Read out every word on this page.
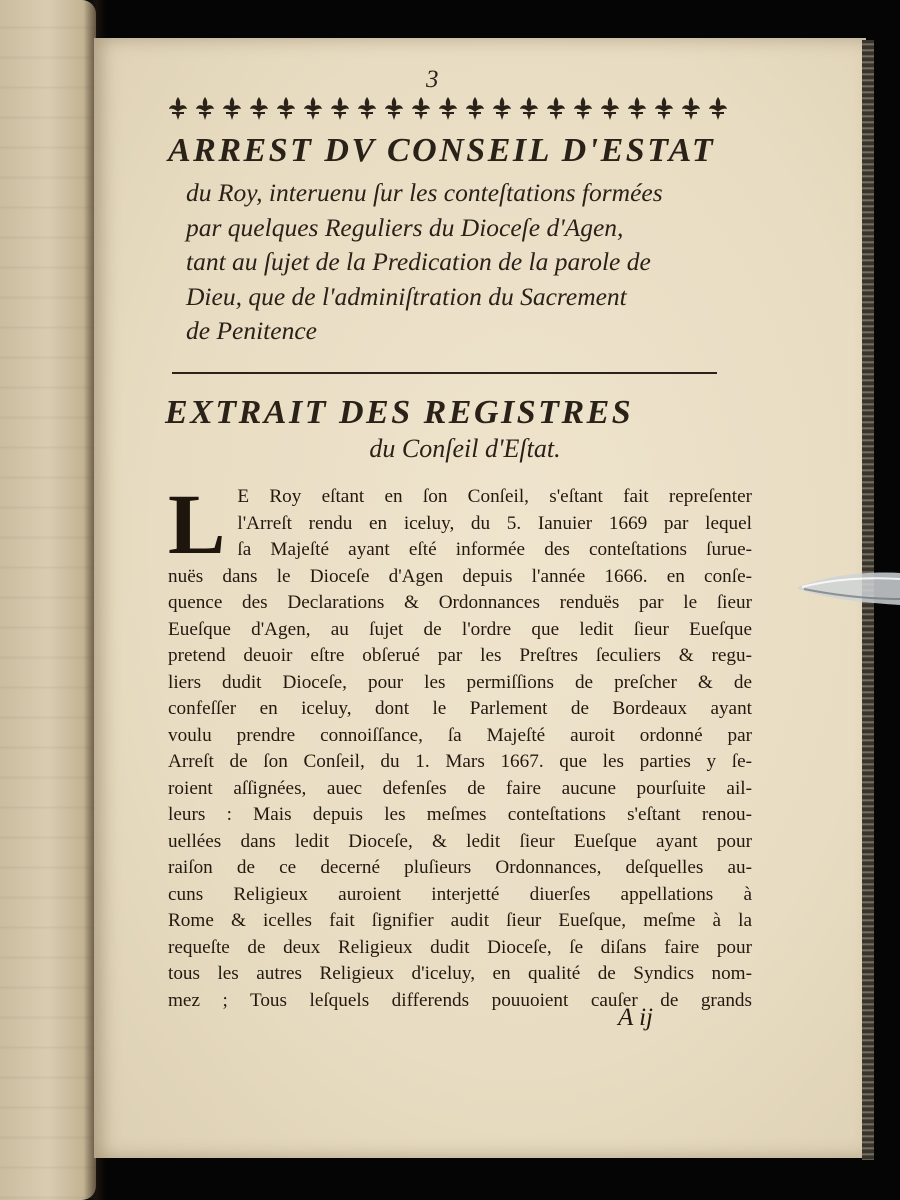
3
ARREST DV CONSEIL D'ESTAT
du Roy, interuenu ſur les conteſtations formées
par quelques Reguliers du Dioceſe d'Agen,
tant au ſujet de la Predication de la parole de
Dieu, que de l'adminiſtration du Sacrement
de Penitence
EXTRAIT DES REGISTRES
du Conſeil d'Eſtat.
L E Roy eſtant en ſon Conſeil, s'eſtant fait repreſenter
l'Arreſt rendu en iceluy, du 5. Ianuier 1669 par lequel
ſa Majeſté ayant eſté informée des conteſtations ſurue-
nuës dans le Dioceſe d'Agen depuis l'année 1666. en conſe-
quence des Declarations & Ordonnances renduës par le ſieur
Eueſque d'Agen, au ſujet de l'ordre que ledit ſieur Eueſque
pretend deuoir eſtre obſerué par les Preſtres ſeculiers & regu-
liers dudit Dioceſe, pour les permiſſions de preſcher & de
confeſſer en iceluy, dont le Parlement de Bordeaux ayant
voulu prendre connoiſſance, ſa Majeſté auroit ordonné par
Arreſt de ſon Conſeil, du 1. Mars 1667. que les parties y ſe-
roient aſſignées, auec defenſes de faire aucune pourſuite ail-
leurs : Mais depuis les meſmes conteſtations s'eſtant renou-
uellées dans ledit Dioceſe, & ledit ſieur Eueſque ayant pour
raiſon de ce decerné pluſieurs Ordonnances, deſquelles au-
cuns Religieux auroient interjetté diuerſes appellations à
Rome & icelles fait ſignifier audit ſieur Eueſque, meſme à la
requeſte de deux Religieux dudit Dioceſe, ſe diſans faire pour
tous les autres Religieux d'iceluy, en qualité de Syndics nom-
mez ; Tous leſquels differends pouuoient cauſer de grands
A ij
